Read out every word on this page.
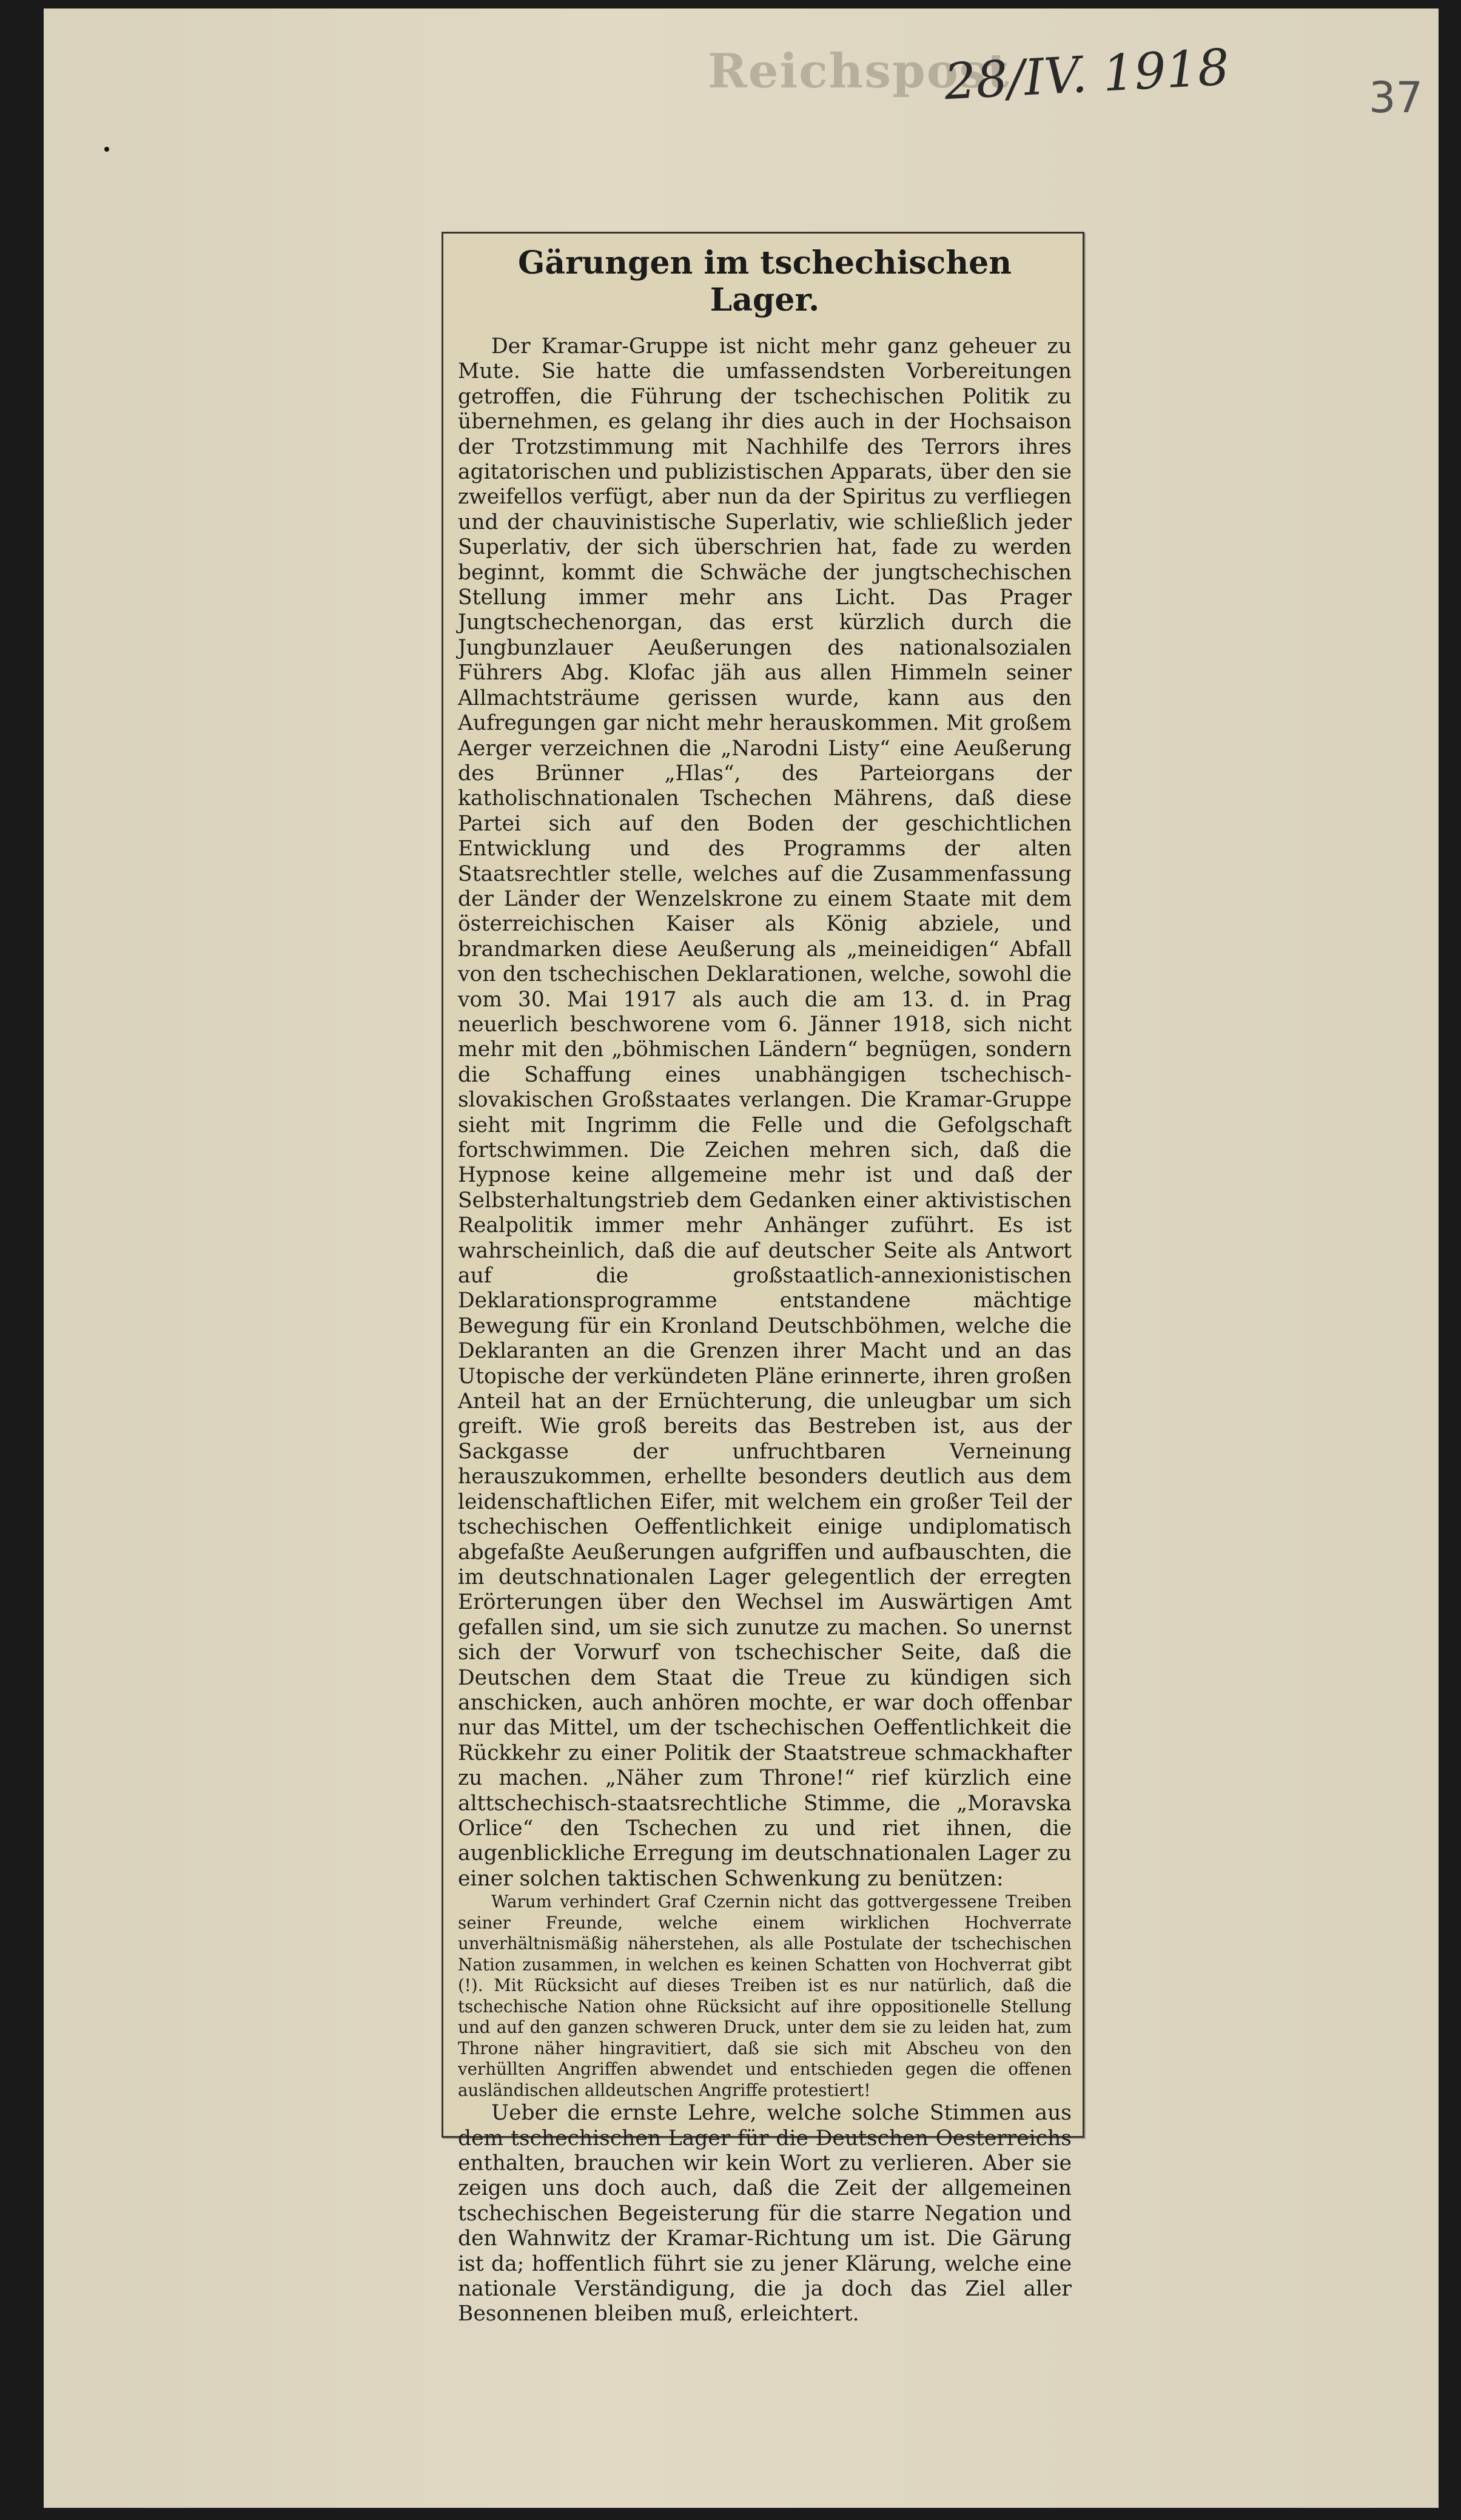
Reichspost
28/IV. 1918	37
Gärungen im tschechischen Lager.

Der Kramar-Gruppe ist nicht mehr ganz geheuer zu Mute. Sie hatte die umfassendsten Vorbereitungen getroffen, die Führung der tschechischen Politik zu übernehmen, es gelang ihr dies auch in der Hochsaison der Trotzstimmung mit Nachhilfe des Terrors ihres agitatorischen und publizistischen Apparats, über den sie zweifellos verfügt, aber nun da der Spiritus zu verfliegen und der chauvinistische Superlativ, wie schließlich jeder Superlativ, der sich überschrien hat, fade zu werden beginnt, kommt die Schwäche der jungtschechischen Stellung immer mehr ans Licht. Das Prager Jungtschechenorgan, das erst kürzlich durch die Jungbunzlauer Aeußerungen des nationalsozialen Führers Abg. Klofac jäh aus allen Himmeln seiner Allmachtsträume gerissen wurde, kann aus den Aufregungen gar nicht mehr herauskommen. Mit großem Aerger verzeichnen die „Narodni Listy“ eine Aeußerung des Brünner „Hlas“, des Parteiorgans der katholischnationalen Tschechen Mährens, daß diese Partei sich auf den Boden der geschichtlichen Entwicklung und des Programms der alten Staatsrechtler stelle, welches auf die Zusammenfassung der Länder der Wenzelskrone zu einem Staate mit dem österreichischen Kaiser als König abziele, und brandmarken diese Aeußerung als „meineidigen“ Abfall von den tschechischen Deklarationen, welche, sowohl die vom 30. Mai 1917 als auch die am 13. d. in Prag neuerlich beschworene vom 6. Jänner 1918, sich nicht mehr mit den „böhmischen Ländern“ begnügen, sondern die Schaffung eines unabhängigen tschechisch-slovakischen Großstaates verlangen. Die Kramar-Gruppe sieht mit Ingrimm die Felle und die Gefolgschaft fortschwimmen. Die Zeichen mehren sich, daß die Hypnose keine allgemeine mehr ist und daß der Selbsterhaltungstrieb dem Gedanken einer aktivistischen Realpolitik immer mehr Anhänger zuführt. Es ist wahrscheinlich, daß die auf deutscher Seite als Antwort auf die großstaatlich-annexionistischen Deklarationsprogramme entstandene mächtige Bewegung für ein Kronland Deutschböhmen, welche die Deklaranten an die Grenzen ihrer Macht und an das Utopische der verkündeten Pläne erinnerte, ihren großen Anteil hat an der Ernüchterung, die unleugbar um sich greift. Wie groß bereits das Bestreben ist, aus der Sackgasse der unfruchtbaren Verneinung herauszukommen, erhellte besonders deutlich aus dem leidenschaftlichen Eifer, mit welchem ein großer Teil der tschechischen Oeffentlichkeit einige undiplomatisch abgefaßte Aeußerungen aufgriffen und aufbauschten, die im deutschnationalen Lager gelegentlich der erregten Erörterungen über den Wechsel im Auswärtigen Amt gefallen sind, um sie sich zunutze zu machen. So unernst sich der Vorwurf von tschechischer Seite, daß die Deutschen dem Staat die Treue zu kündigen sich anschicken, auch anhören mochte, er war doch offenbar nur das Mittel, um der tschechischen Oeffentlichkeit die Rückkehr zu einer Politik der Staatstreue schmackhafter zu machen. „Näher zum Throne!“ rief kürzlich eine alttschechisch-staatsrechtliche Stimme, die „Moravska Orlice“ den Tschechen zu und riet ihnen, die augenblickliche Erregung im deutschnationalen Lager zu einer solchen taktischen Schwenkung zu benützen:

Warum verhindert Graf Czernin nicht das gottvergessene Treiben seiner Freunde, welche einem wirklichen Hochverrate unverhältnismäßig näherstehen, als alle Postulate der tschechischen Nation zusammen, in welchen es keinen Schatten von Hochverrat gibt (!). Mit Rücksicht auf dieses Treiben ist es nur natürlich, daß die tschechische Nation ohne Rücksicht auf ihre oppositionelle Stellung und auf den ganzen schweren Druck, unter dem sie zu leiden hat, zum Throne näher hingravitiert, daß sie sich mit Abscheu von den verhüllten Angriffen abwendet und entschieden gegen die offenen ausländischen alldeutschen Angriffe protestiert!

Ueber die ernste Lehre, welche solche Stimmen aus dem tschechischen Lager für die Deutschen Oesterreichs enthalten, brauchen wir kein Wort zu verlieren. Aber sie zeigen uns doch auch, daß die Zeit der allgemeinen tschechischen Begeisterung für die starre Negation und den Wahnwitz der Kramar-Richtung um ist. Die Gärung ist da; hoffentlich führt sie zu jener Klärung, welche eine nationale Verständigung, die ja doch das Ziel aller Besonnenen bleiben muß, erleichtert.
